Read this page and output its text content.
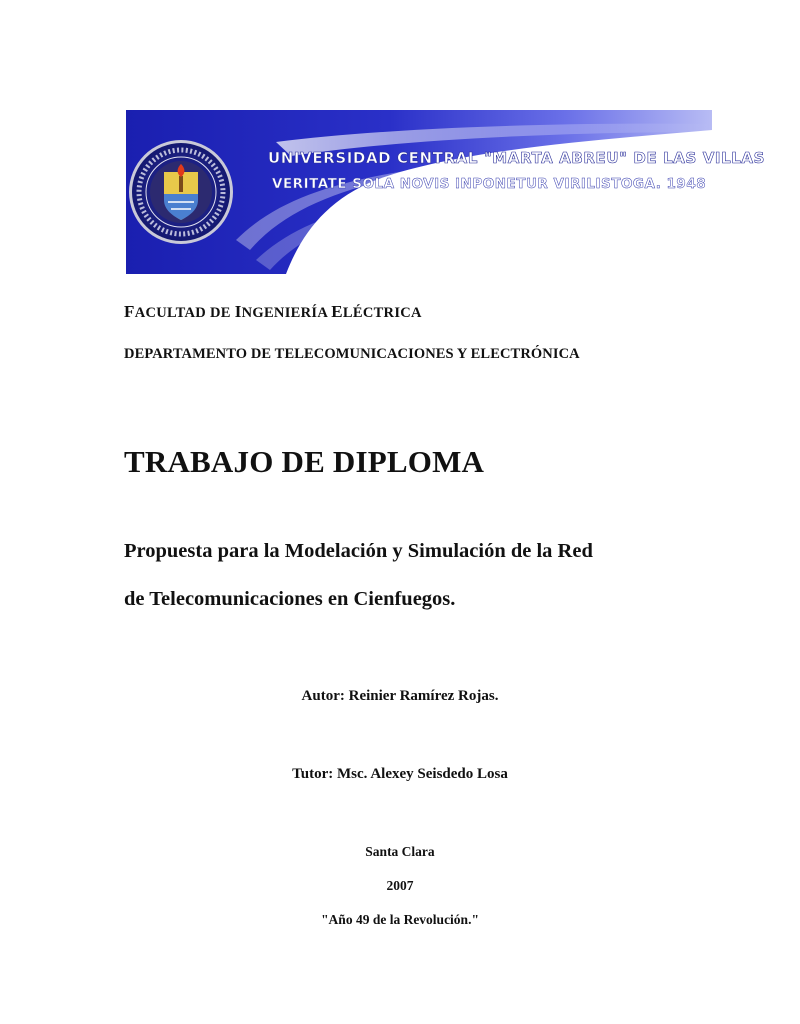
UNIVERSIDAD CENTRAL "MARTA ABREU" DE LAS VILLAS
VERITATE SOLA NOVIS INPONETUR VIRILISTOGA. 1948
FACULTAD DE INGENIERÍA ELÉCTRICA
DEPARTAMENTO DE TELECOMUNICACIONES Y ELECTRÓNICA
TRABAJO DE DIPLOMA
Propuesta para la Modelación y Simulación de la Red
de Telecomunicaciones en Cienfuegos.
Autor: Reinier Ramírez Rojas.
Tutor: Msc. Alexey Seisdedo Losa
Santa Clara
2007
"Año 49 de la Revolución."
